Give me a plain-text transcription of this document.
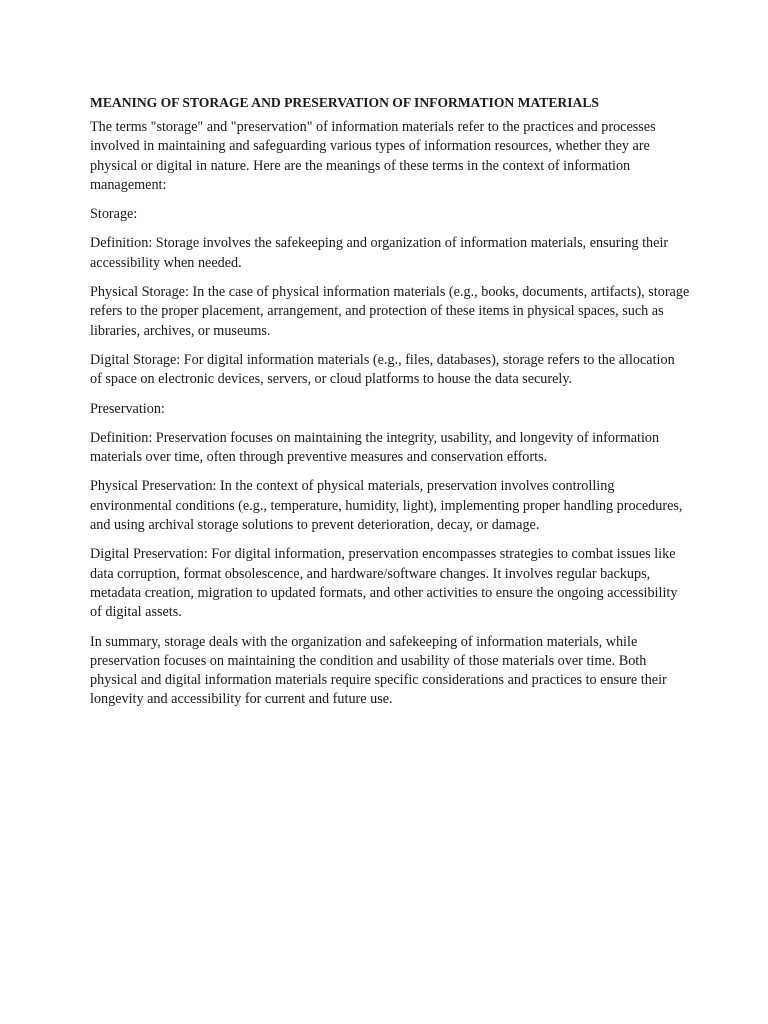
MEANING OF STORAGE AND PRESERVATION OF INFORMATION MATERIALS

The terms "storage" and "preservation" of information materials refer to the practices and processes involved in maintaining and safeguarding various types of information resources, whether they are physical or digital in nature. Here are the meanings of these terms in the context of information management:

Storage:

Definition: Storage involves the safekeeping and organization of information materials, ensuring their accessibility when needed.

Physical Storage: In the case of physical information materials (e.g., books, documents, artifacts), storage refers to the proper placement, arrangement, and protection of these items in physical spaces, such as libraries, archives, or museums.

Digital Storage: For digital information materials (e.g., files, databases), storage refers to the allocation of space on electronic devices, servers, or cloud platforms to house the data securely.

Preservation:

Definition: Preservation focuses on maintaining the integrity, usability, and longevity of information materials over time, often through preventive measures and conservation efforts.

Physical Preservation: In the context of physical materials, preservation involves controlling environmental conditions (e.g., temperature, humidity, light), implementing proper handling procedures, and using archival storage solutions to prevent deterioration, decay, or damage.

Digital Preservation: For digital information, preservation encompasses strategies to combat issues like data corruption, format obsolescence, and hardware/software changes. It involves regular backups, metadata creation, migration to updated formats, and other activities to ensure the ongoing accessibility of digital assets.

In summary, storage deals with the organization and safekeeping of information materials, while preservation focuses on maintaining the condition and usability of those materials over time. Both physical and digital information materials require specific considerations and practices to ensure their longevity and accessibility for current and future use.
